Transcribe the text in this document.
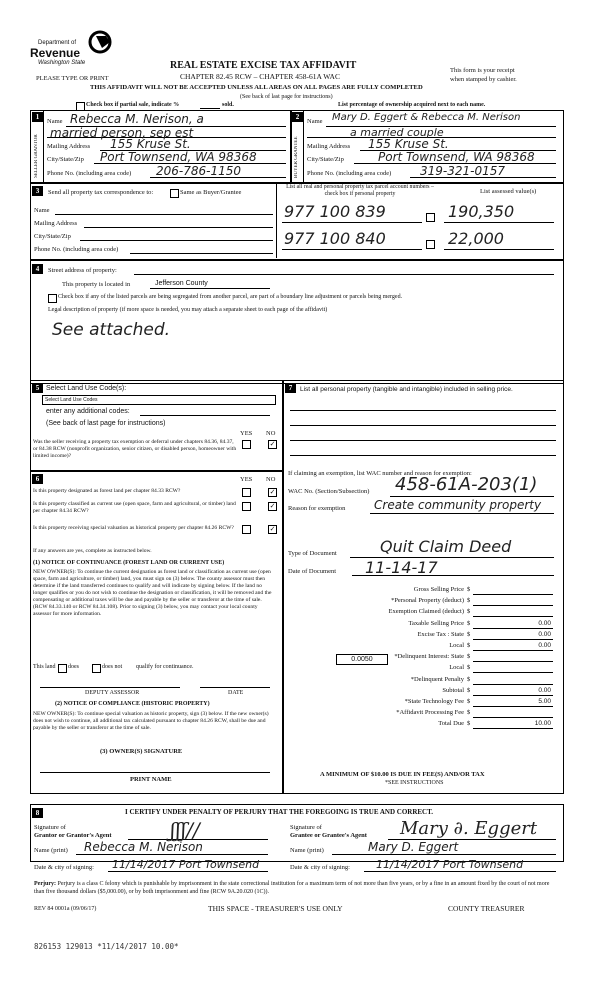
Department of
Revenue
Washington State	REAL ESTATE EXCISE TAX AFFIDAVIT
CHAPTER 82.45 RCW – CHAPTER 458-61A WAC
PLEASE TYPE OR PRINT
This form is your receipt
when stamped by cashier.
THIS AFFIDAVIT WILL NOT BE ACCEPTED UNLESS ALL AREAS ON ALL PAGES ARE FULLY COMPLETED
(See back of last page for instructions)
Check box if partial sale, indicate %	sold.	List percentage of ownership acquired next to each name.
1
SELLER GRANTOR
Name Rebecca M. Nerison, a
married person, sep est
Mailing Address 155 Kruse St.
City/State/Zip Port Townsend, WA 98368
Phone No. (including area code) 206-786-1150
2
BUYER GRANTEE
Name Mary D. Eggert & Rebecca M. Nerison
a married couple
Mailing Address 155 Kruse St.
City/State/Zip	Port Townsend, WA 98368
Phone No. (including area code) 319-321-0157
3	Send all property tax correspondence to:	Same as Buyer/Grantee
List all real and personal property tax parcel account numbers – check box if personal property	List assessed value(s)
Name
Mailing Address
City/State/Zip
Phone No. (including area code)
977 100 839	190,350
977 100 840	22,000
4	Street address of property:
This property is located in	Jefferson County
Check box if any of the listed parcels are being segregated from another parcel, are part of a boundary line adjustment or parcels being merged.
Legal description of property (if more space is needed, you may attach a separate sheet to each page of the affidavit)
See attached.
5 Select Land Use Code(s):
Select Land Use Codes
enter any additional codes:
(See back of last page for instructions)
YES NO
Was the seller receiving a property tax exemption or deferral under chapters 84.36, 84.37, or 84.38 RCW (nonprofit organization, senior citizen, or disabled person, homeowner with limited income)?
✓
6	YES NO
Is this property designated as forest land per chapter 84.33 RCW?	✓
Is this property classified as current use (open space, farm and agricultural, or timber) land per chapter 84.34 RCW?
✓
Is this property receiving special valuation as historical property per chapter 84.26 RCW?	✓
If any answers are yes, complete as instructed below.
(1) NOTICE OF CONTINUANCE (FOREST LAND OR CURRENT USE)
NEW OWNER(S): To continue the current designation as forest land or classification as current use (open space, farm and agriculture, or timber) land, you must sign on (3) below. The county assessor must then determine if the land transferred continues to qualify and will indicate by signing below. If the land no longer qualifies or you do not wish to continue the designation or classification, it will be removed and the compensating or additional taxes will be due and payable by the seller or transferor at the time of sale. (RCW 84.33.140 or RCW 84.34.108). Prior to signing (3) below, you may contact your local county assessor for more information.
This land does	does not qualify for continuance.
DEPUTY ASSESSOR	DATE
(2) NOTICE OF COMPLIANCE (HISTORIC PROPERTY)
NEW OWNER(S): To continue special valuation as historic property, sign (3) below. If the new owner(s) does not wish to continue, all additional tax calculated pursuant to chapter 84.26 RCW, shall be due and payable by the seller or transferor at the time of sale.
(3) OWNER(S) SIGNATURE
PRINT NAME
7	List all personal property (tangible and intangible) included in selling price.
If claiming an exemption, list WAC number and reason for exemption:
WAC No. (Section/Subsection) 458-61A-203(1)
Reason for exemption Create community property
Type of Document	Quit Claim Deed
Date of Document 11-14-17
Gross Selling Price $
*Personal Property (deduct) $
Exemption Claimed (deduct) $
Taxable Selling Price $	0.00
Excise Tax : State $	0.00
Local $	0.00
*Delinquent Interest: State $
Local $
*Delinquent Penalty $
Subtotal $	0.00
*State Technology Fee $	5.00
*Affidavit Processing Fee $
Total Due $	10.00
0.0050
A MINIMUM OF $10.00 IS DUE IN FEE(S) AND/OR TAX
*SEE INSTRUCTIONS
8	I CERTIFY UNDER PENALTY OF PERJURY THAT THE FOREGOING IS TRUE AND CORRECT.
Signature of
Grantor or Grantor's Agent	ʃʃʃ∕∕
Name (print) Rebecca M. Nerison
Date & city of signing: 11/14/2017 Port Townsend
Signature of
Grantee or Grantee's Agent Mary ∂. Eggert
Name (print)	Mary D. Eggert
Date & city of signing: 11/14/2017 Port Townsend
Perjury: Perjury is a class C felony which is punishable by imprisonment in the state correctional institution for a maximum term of not more than five years, or by a fine in an amount fixed by the court of not more than five thousand dollars ($5,000.00), or by both imprisonment and fine (RCW 9A.20.020 (1C)).
REV 84 0001a (09/06/17)	THIS SPACE - TREASURER'S USE ONLY	COUNTY TREASURER
826153 129013 *11/14/2017 10.00*
